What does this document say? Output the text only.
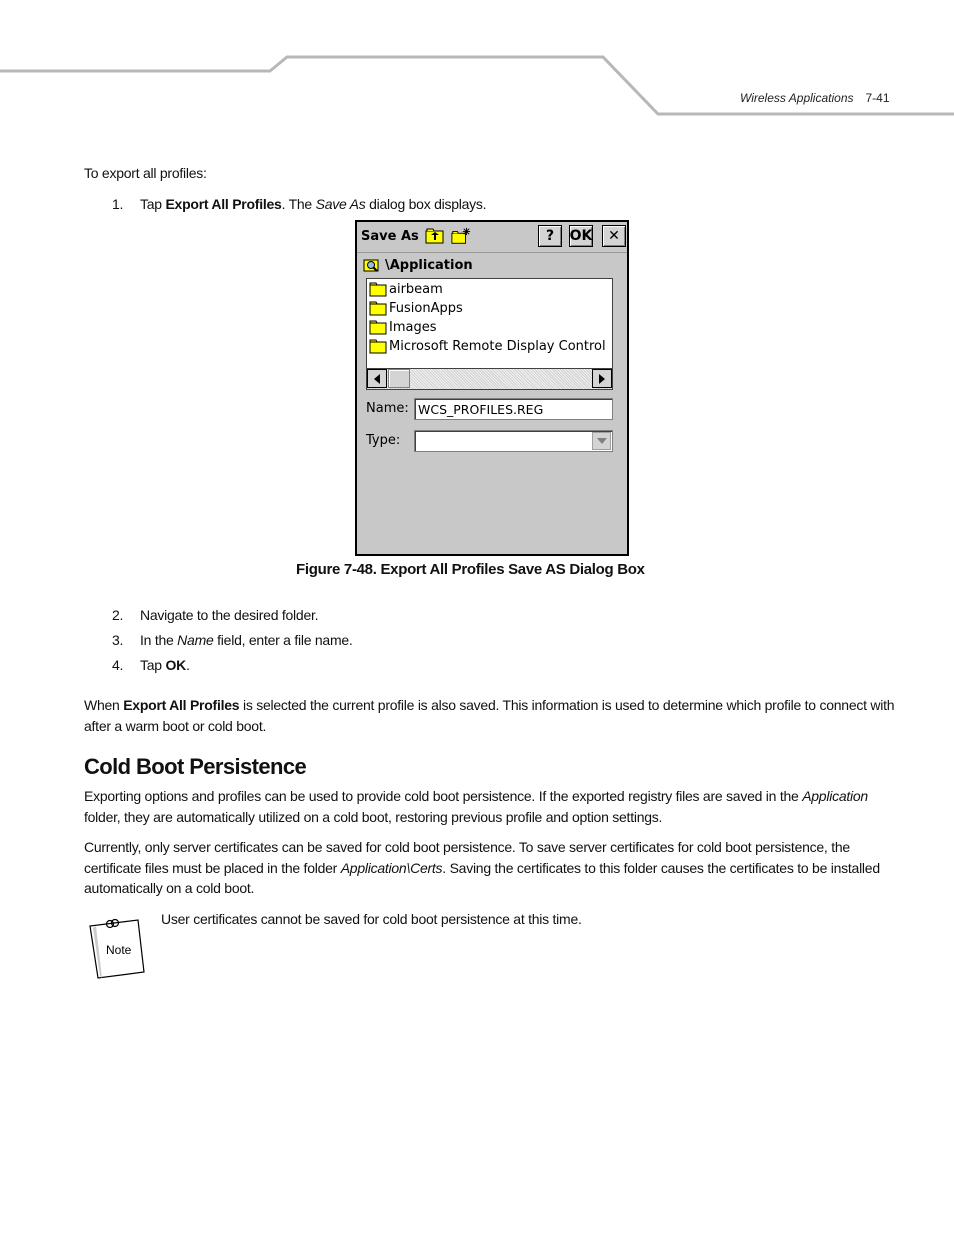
Wireless Applications 7-41
To export all profiles:
1. Tap Export All Profiles. The Save As dialog box displays.
Save As	?	OK	✕
\Application
airbeam
FusionApps
Images
Microsoft Remote Display Control
Name: WCS_PROFILES.REG
Type:
Figure 7-48. Export All Profiles Save AS Dialog Box
2. Navigate to the desired folder.
3. In the Name field, enter a file name.
4. Tap OK.
When Export All Profiles is selected the current profile is also saved. This information is used to determine which profile to connect with after a warm boot or cold boot.
Cold Boot Persistence
Exporting options and profiles can be used to provide cold boot persistence. If the exported registry files are saved in the Application folder, they are automatically utilized on a cold boot, restoring previous profile and option settings.
Currently, only server certificates can be saved for cold boot persistence. To save server certificates for cold boot persistence, the certificate files must be placed in the folder Application\Certs. Saving the certificates to this folder causes the certificates to be installed automatically on a cold boot.
Note
User certificates cannot be saved for cold boot persistence at this time.
